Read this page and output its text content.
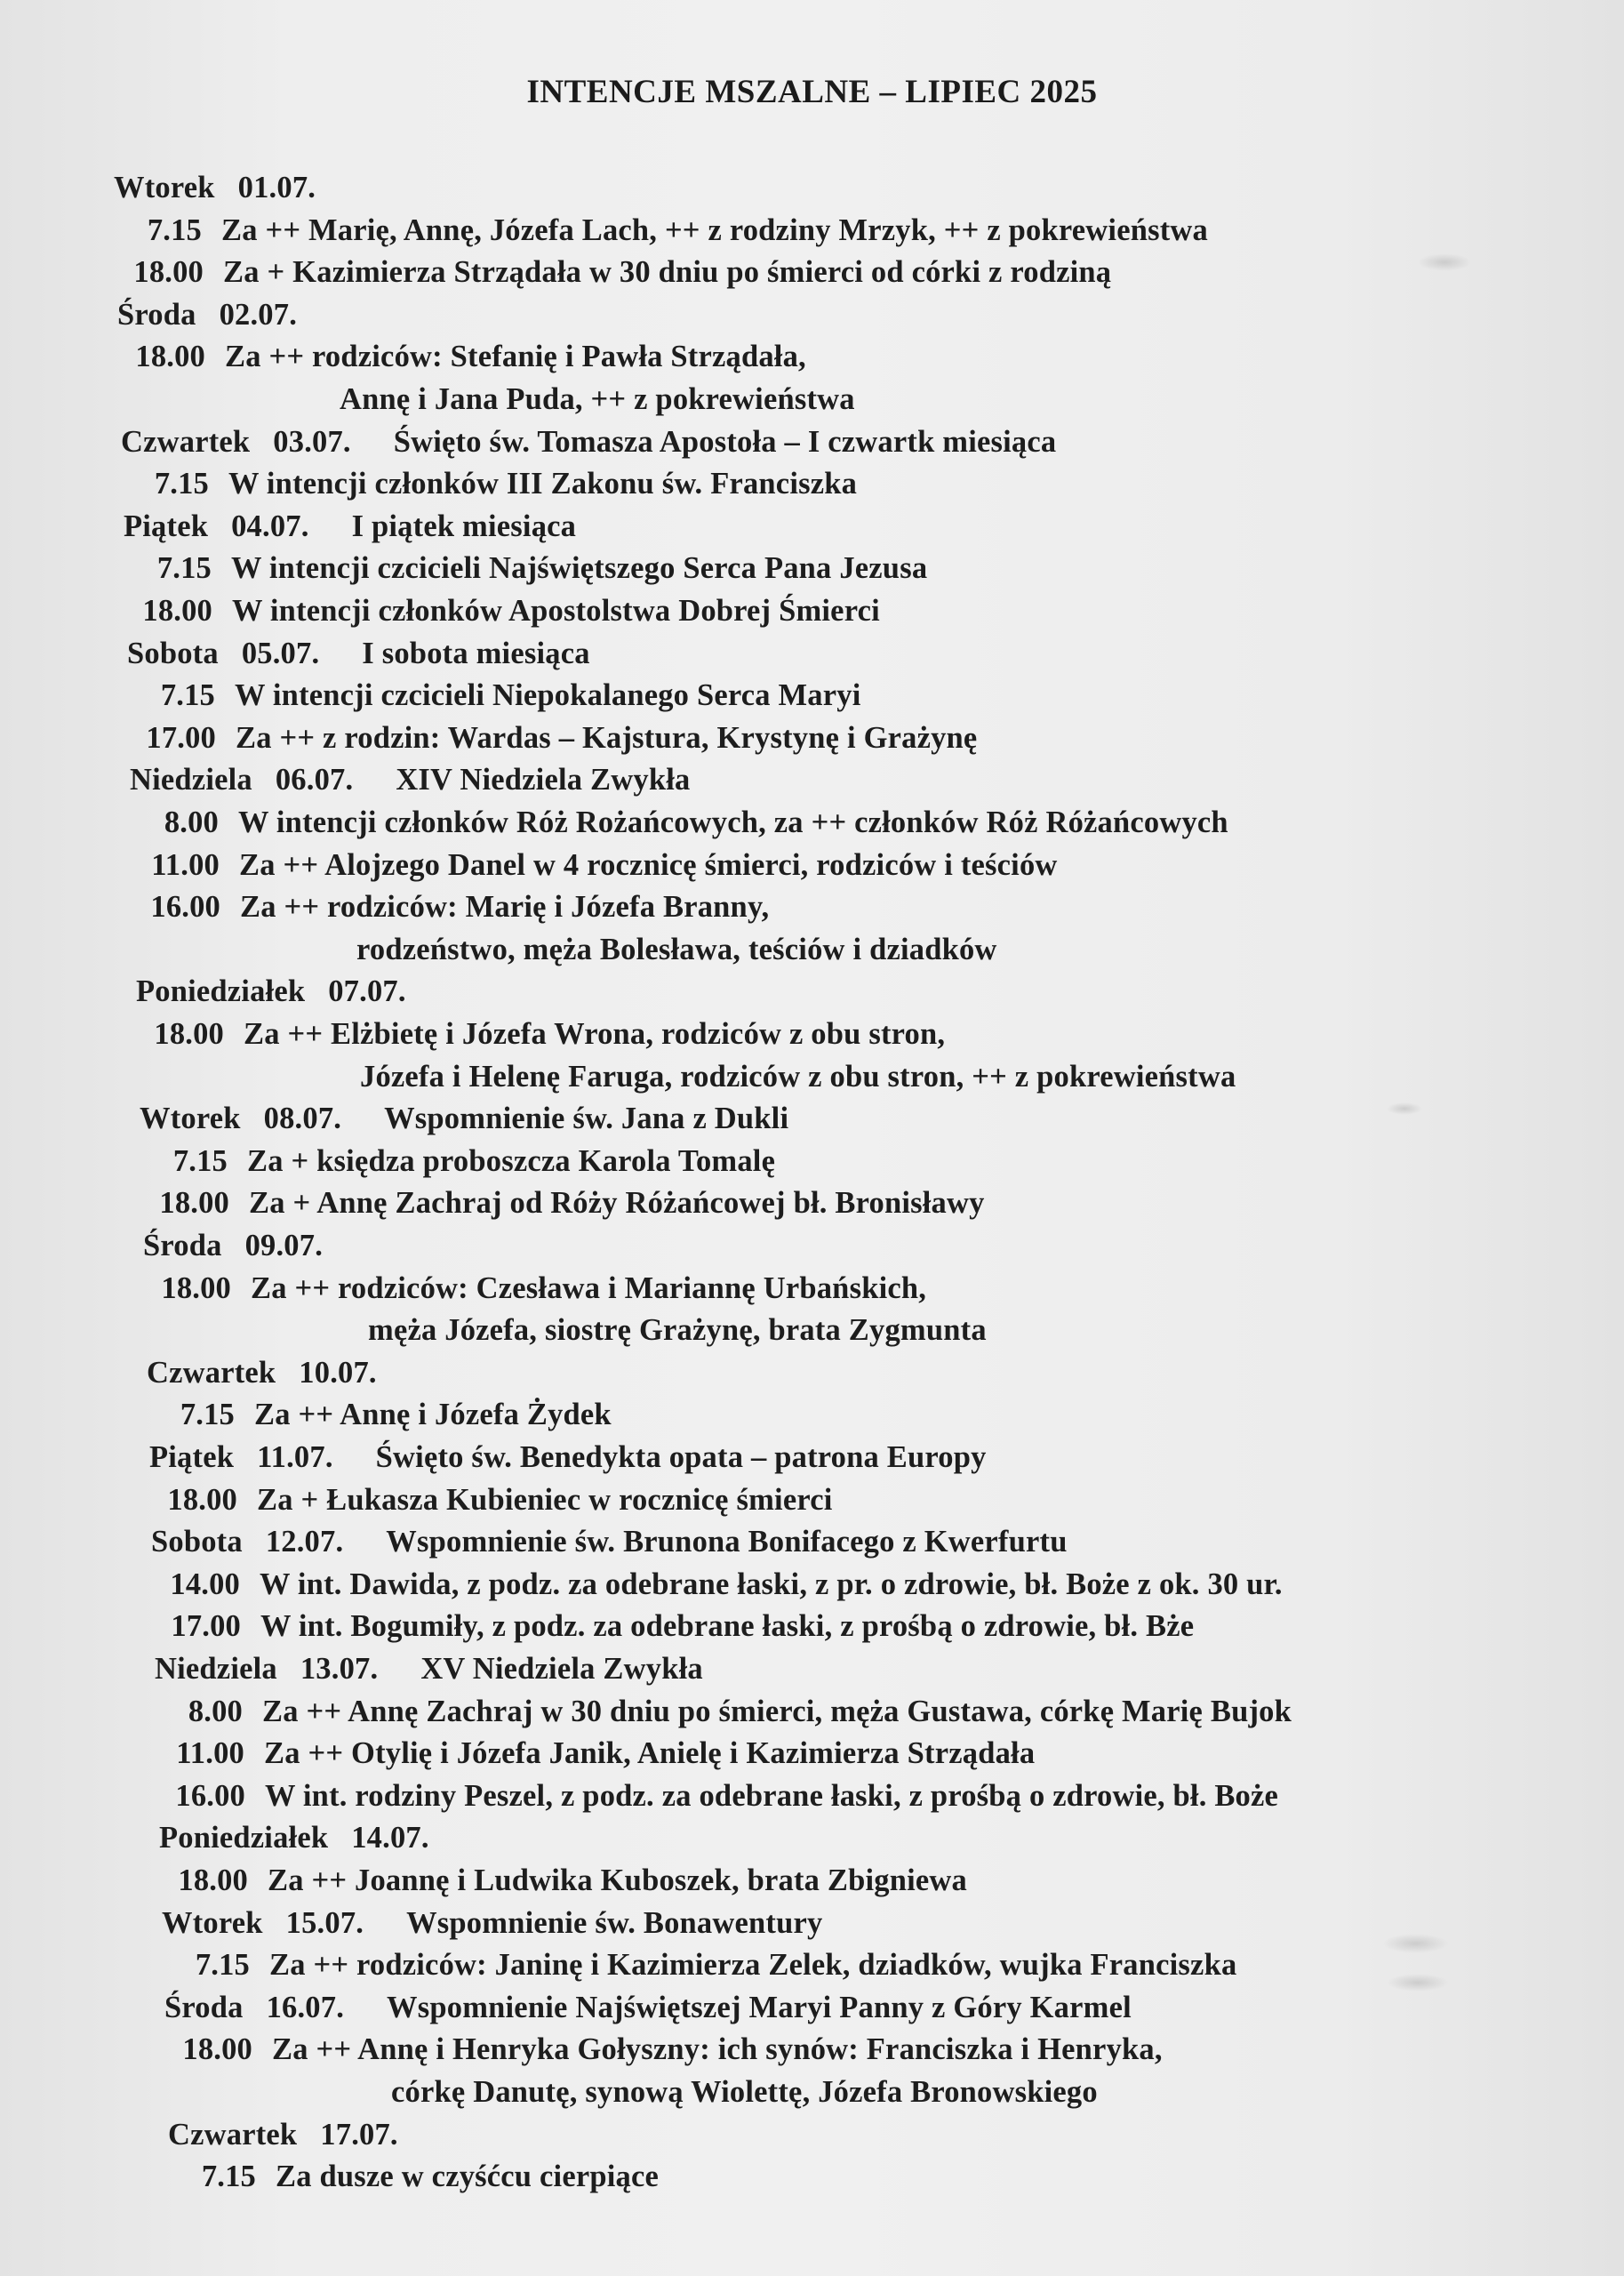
INTENCJE MSZALNE – LIPIEC 2025
Wtorek 01.07.
7.15 Za ++ Marię, Annę, Józefa Lach, ++ z rodziny Mrzyk, ++ z pokrewieństwa
18.00 Za + Kazimierza Strządała w 30 dniu po śmierci od córki z rodziną
Środa 02.07.
18.00 Za ++ rodziców: Stefanię i Pawła Strządała,
Annę i Jana Puda, ++ z pokrewieństwa
Czwartek 03.07. Święto św. Tomasza Apostoła – I czwartk miesiąca
7.15 W intencji członków III Zakonu św. Franciszka
Piątek 04.07. I piątek miesiąca
7.15 W intencji czcicieli Najświętszego Serca Pana Jezusa
18.00 W intencji członków Apostolstwa Dobrej Śmierci
Sobota 05.07. I sobota miesiąca
7.15 W intencji czcicieli Niepokalanego Serca Maryi
17.00 Za ++ z rodzin: Wardas – Kajstura, Krystynę i Grażynę
Niedziela 06.07. XIV Niedziela Zwykła
8.00 W intencji członków Róż Rożańcowych, za ++ członków Róż Różańcowych
11.00 Za ++ Alojzego Danel w 4 rocznicę śmierci, rodziców i teściów
16.00 Za ++ rodziców: Marię i Józefa Branny,
rodzeństwo, męża Bolesława, teściów i dziadków
Poniedziałek 07.07.
18.00 Za ++ Elżbietę i Józefa Wrona, rodziców z obu stron,
Józefa i Helenę Faruga, rodziców z obu stron, ++ z pokrewieństwa
Wtorek 08.07. Wspomnienie św. Jana z Dukli
7.15 Za + księdza proboszcza Karola Tomalę
18.00 Za + Annę Zachraj od Róży Różańcowej bł. Bronisławy
Środa 09.07.
18.00 Za ++ rodziców: Czesława i Mariannę Urbańskich,
męża Józefa, siostrę Grażynę, brata Zygmunta
Czwartek 10.07.
7.15 Za ++ Annę i Józefa Żydek
Piątek 11.07. Święto św. Benedykta opata – patrona Europy
18.00 Za + Łukasza Kubieniec w rocznicę śmierci
Sobota 12.07. Wspomnienie św. Brunona Bonifacego z Kwerfurtu
14.00 W int. Dawida, z podz. za odebrane łaski, z pr. o zdrowie, bł. Boże z ok. 30 ur.
17.00 W int. Bogumiły, z podz. za odebrane łaski, z prośbą o zdrowie, bł. Bże
Niedziela 13.07. XV Niedziela Zwykła
8.00 Za ++ Annę Zachraj w 30 dniu po śmierci, męża Gustawa, córkę Marię Bujok
11.00 Za ++ Otylię i Józefa Janik, Anielę i Kazimierza Strządała
16.00 W int. rodziny Peszel, z podz. za odebrane łaski, z prośbą o zdrowie, bł. Boże
Poniedziałek 14.07.
18.00 Za ++ Joannę i Ludwika Kuboszek, brata Zbigniewa
Wtorek 15.07. Wspomnienie św. Bonawentury
7.15 Za ++ rodziców: Janinę i Kazimierza Zelek, dziadków, wujka Franciszka
Środa 16.07. Wspomnienie Najświętszej Maryi Panny z Góry Karmel
18.00 Za ++ Annę i Henryka Gołyszny: ich synów: Franciszka i Henryka,
córkę Danutę, synową Wiolettę, Józefa Bronowskiego
Czwartek 17.07.
7.15 Za dusze w czyśćcu cierpiące
